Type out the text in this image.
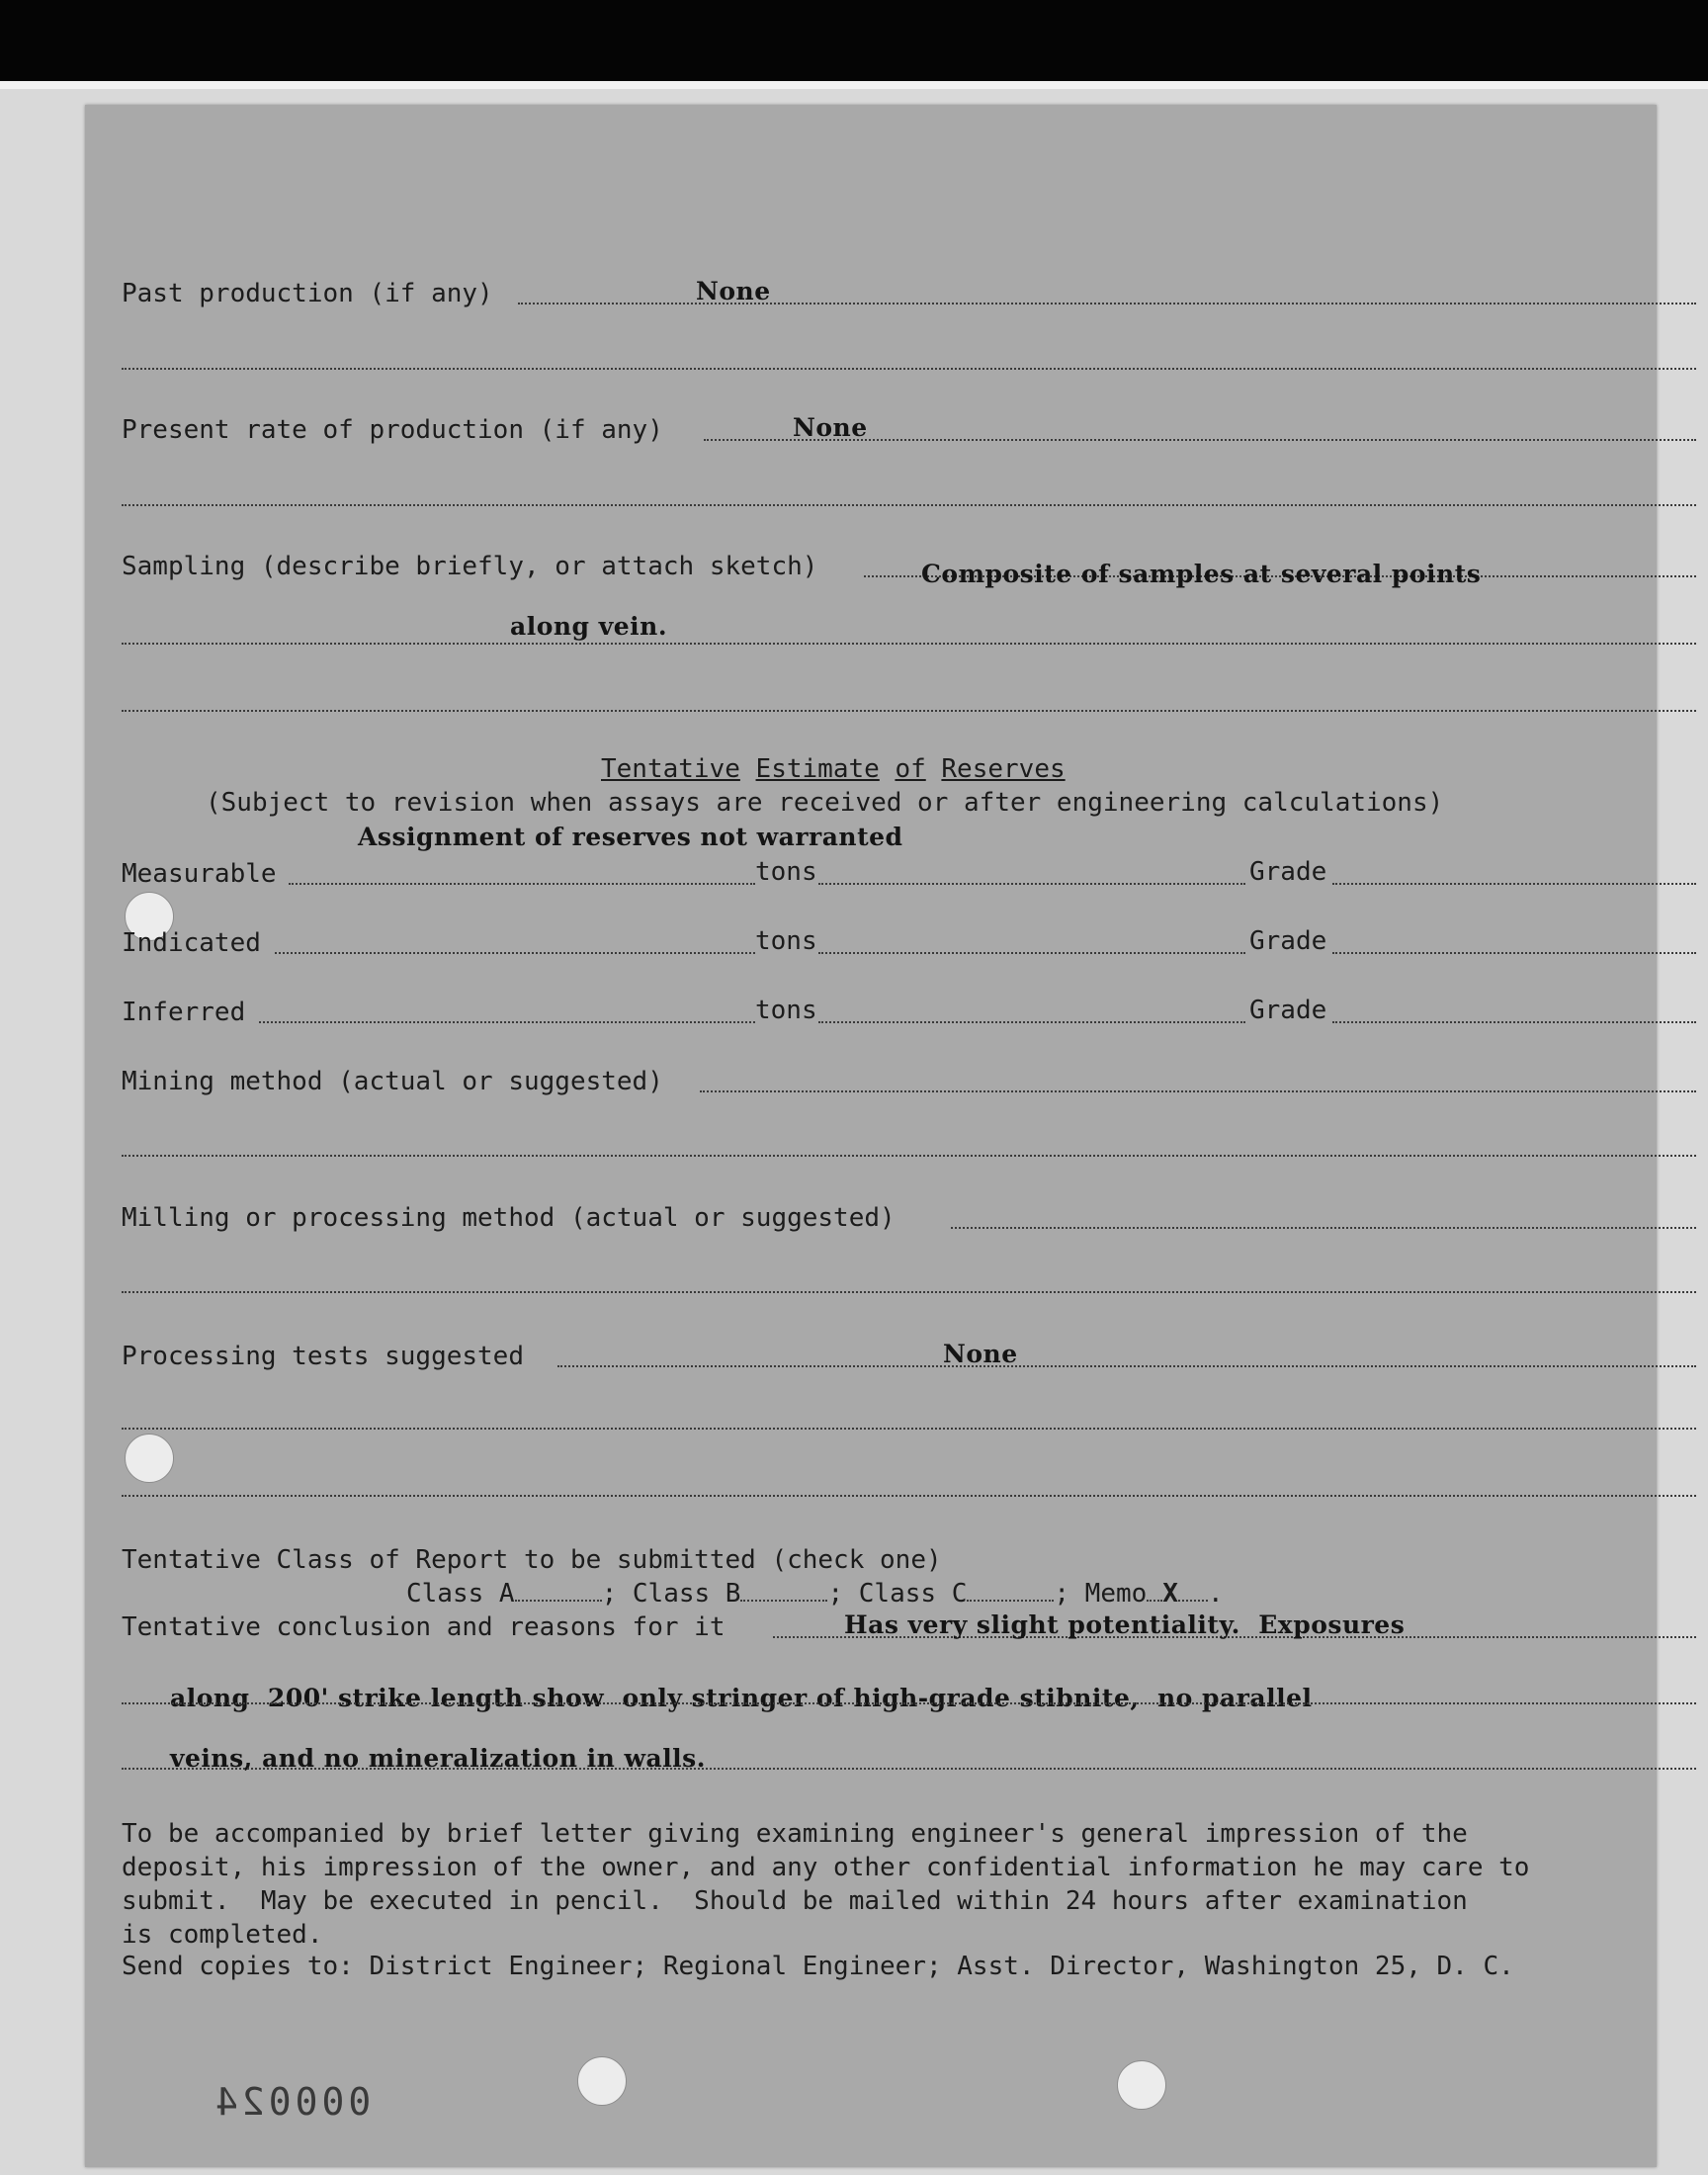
Past production (if any)	None
Present rate of production (if any)	None
Sampling (describe briefly, or attach sketch)	Composite of samples at several points
along vein.
Tentative Estimate of Reserves
(Subject to revision when assays are received or after engineering calculations)
Assignment of reserves not warranted
Measurable	tons	Grade
Indicated	tons	Grade
Inferred	tons	Grade
Mining method (actual or suggested)
Milling or processing method (actual or suggested)
Processing tests suggested	None
Tentative Class of Report to be submitted (check one)
Class A	; Class B	; Class C	; Memo X .
Tentative conclusion and reasons for it	Has very slight potentiality.  Exposures
along  200' strike length show  only stringer of high-grade stibnite,  no parallel
veins, and no mineralization in walls.
To be accompanied by brief letter giving examining engineer's general impression of the
deposit, his impression of the owner, and any other confidential information he may care to
submit.  May be executed in pencil.  Should be mailed within 24 hours after examination
is completed.
Send copies to: District Engineer; Regional Engineer; Asst. Director, Washington 25, D. C.
000024
